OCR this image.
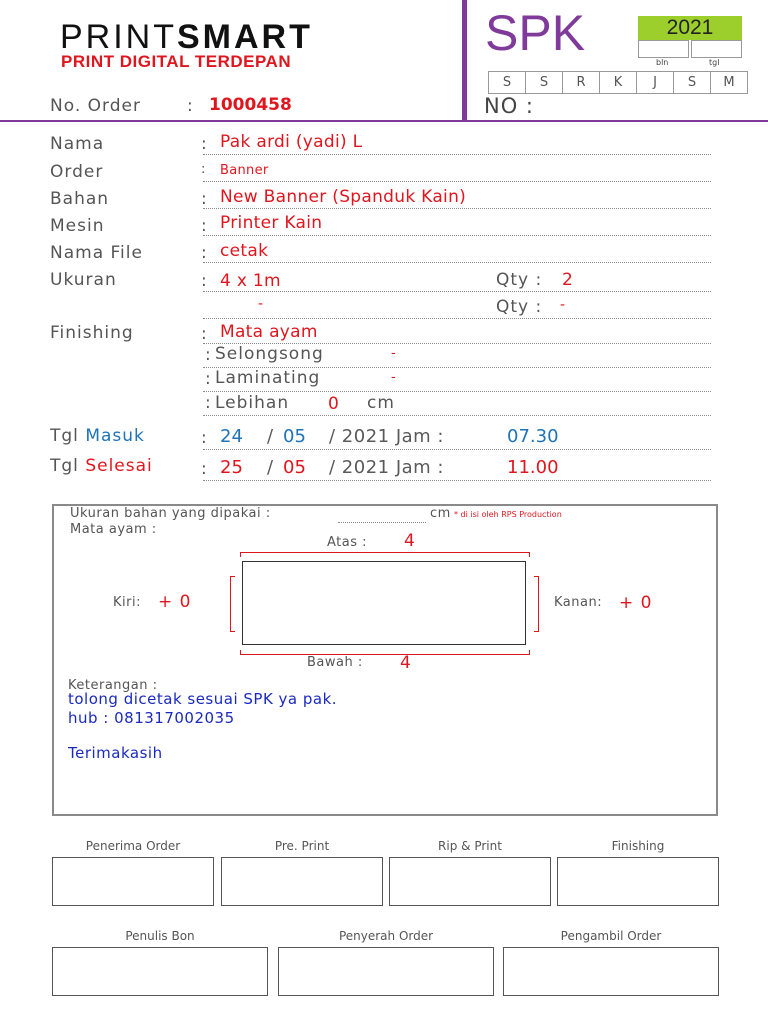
PRINTSMART
PRINT DIGITAL TERDEPAN
SPK	2021
bln	tgl
S	S	R	K	J	S	M
NO :
No. Order	: 1000458
Nama	: Pak ardi (yadi) L
Order	: Banner
Bahan	: New Banner (Spanduk Kain)
Mesin	: Printer Kain
Nama File	: cetak
Ukuran	: 4 x 1m	Qty : 2
-	Qty : -
Finishing	: Mata ayam
: Selongsong	-
: Laminating	-
: Lebihan 0 cm
Tgl Masuk	: 24 / 05 / 2021 Jam :	07.30
Tgl Selesai	: 25 / 05 / 2021 Jam :	11.00
Ukuran bahan yang dipakai :	cm * di isi oleh RPS Production
Mata ayam :
Atas : 4
Bawah : 4
Kiri: + 0	Kanan: + 0
Keterangan :
tolong dicetak sesuai SPK ya pak.
hub : 081317002035
Terimakasih
Penerima Order	Pre. Print	Rip & Print	Finishing
Penulis Bon	Penyerah Order	Pengambil Order
